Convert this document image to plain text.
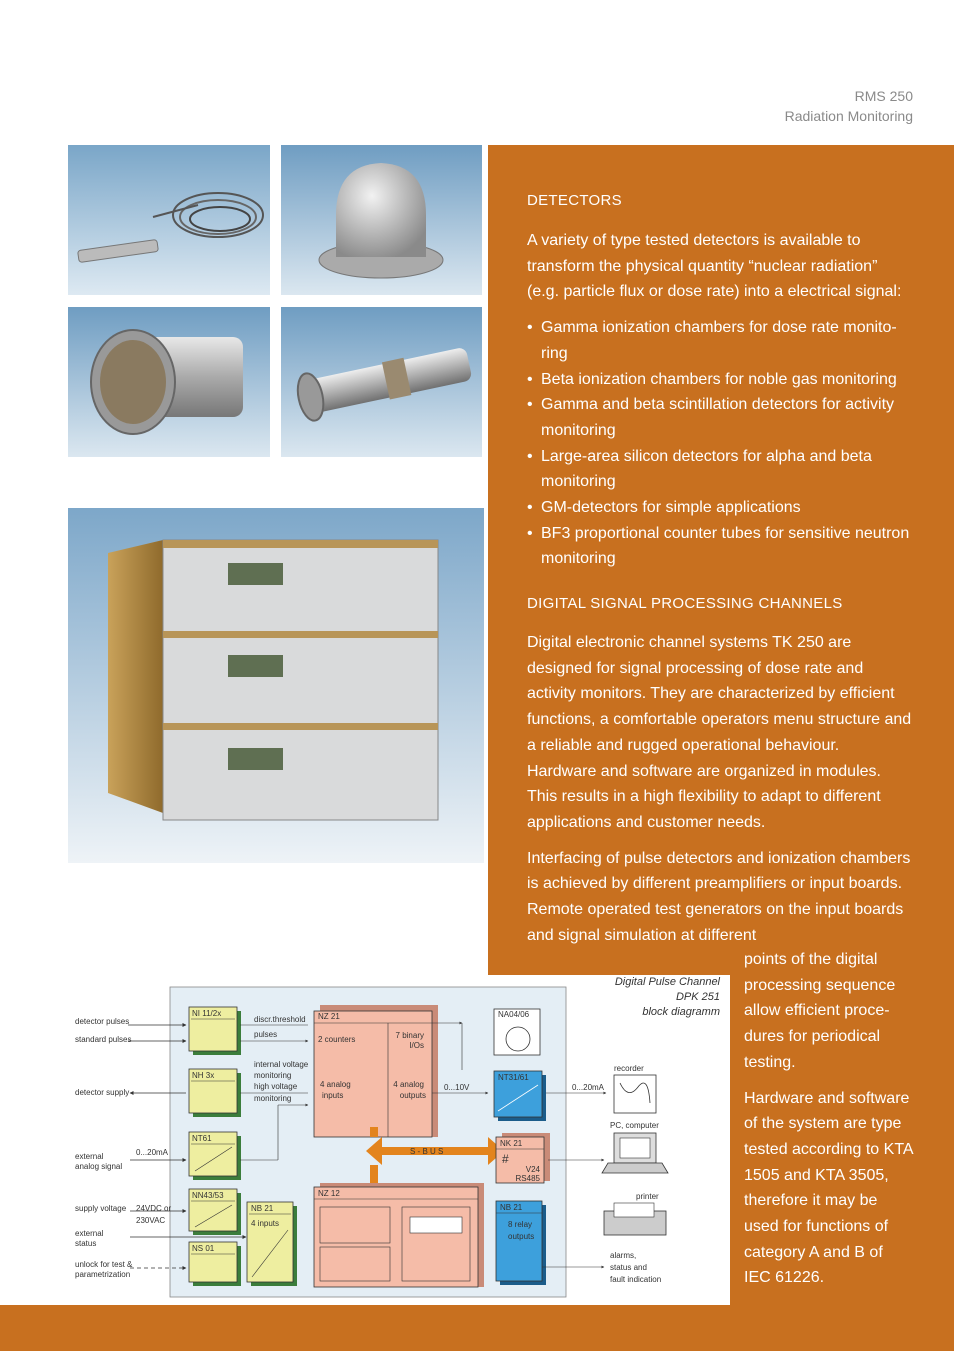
RMS 250
Radiation Monitoring
DETECTORS

A variety of type tested detectors is available to transform the physical quantity “nuclear radiation” (e.g. particle flux or dose rate) into a electrical signal:

• Gamma ionization chambers for dose rate monito-ring
• Beta ionization chambers for noble gas monitoring
• Gamma and beta scintillation detectors for activity monitoring
• Large-area silicon detectors for alpha and beta monitoring
• GM-detectors for simple applications
• BF3 proportional counter tubes for sensitive neutron monitoring
DIGITAL SIGNAL PROCESSING CHANNELS

Digital electronic channel systems TK 250 are designed for signal processing of dose rate and activity monitors. They are characterized by efficient functions, a comfortable operators menu structure and a reliable and rugged operational behaviour. Hardware and software are organized in modules. This results in a high flexibility to adapt to different applications and customer needs.

Interfacing of pulse detectors and ionization chambers is achieved by different preamplifiers or input boards. Remote operated test generators on the input boards and signal simulation at different

points of the digital processing sequence allow efficient proce-dures for periodical testing.

Hardware and software of the system are type tested according to KTA 1505 and KTA 3505, therefore it may be used for functions of category A and B of IEC 61226.

Digital Pulse Channel
DPK 251
block diagramm
detector pulses
standard pulses
detector supply
external
analog signal
supply voltage
external
status
unlock for test &
parametrization
NI 11/2x
NH 3x
NT61
NN43/53
NS 01
NB 21
4 inputs
discr.threshold
pulses
internal voltage
monitoring
high voltage
monitoring
0...20mA
24VDC or
230VAC
NZ 21
2 counters	7 binary
I/Os
4 analog
inputs
4 analog
outputs
S - B U S
NZ 12
NA04/06
NT31/61
0...10V	0...20mA
NK 21
#
V24
RS485
NB 21
8 relay
outputs
recorder
PC, computer
printer
alarms,
status and
fault indication
